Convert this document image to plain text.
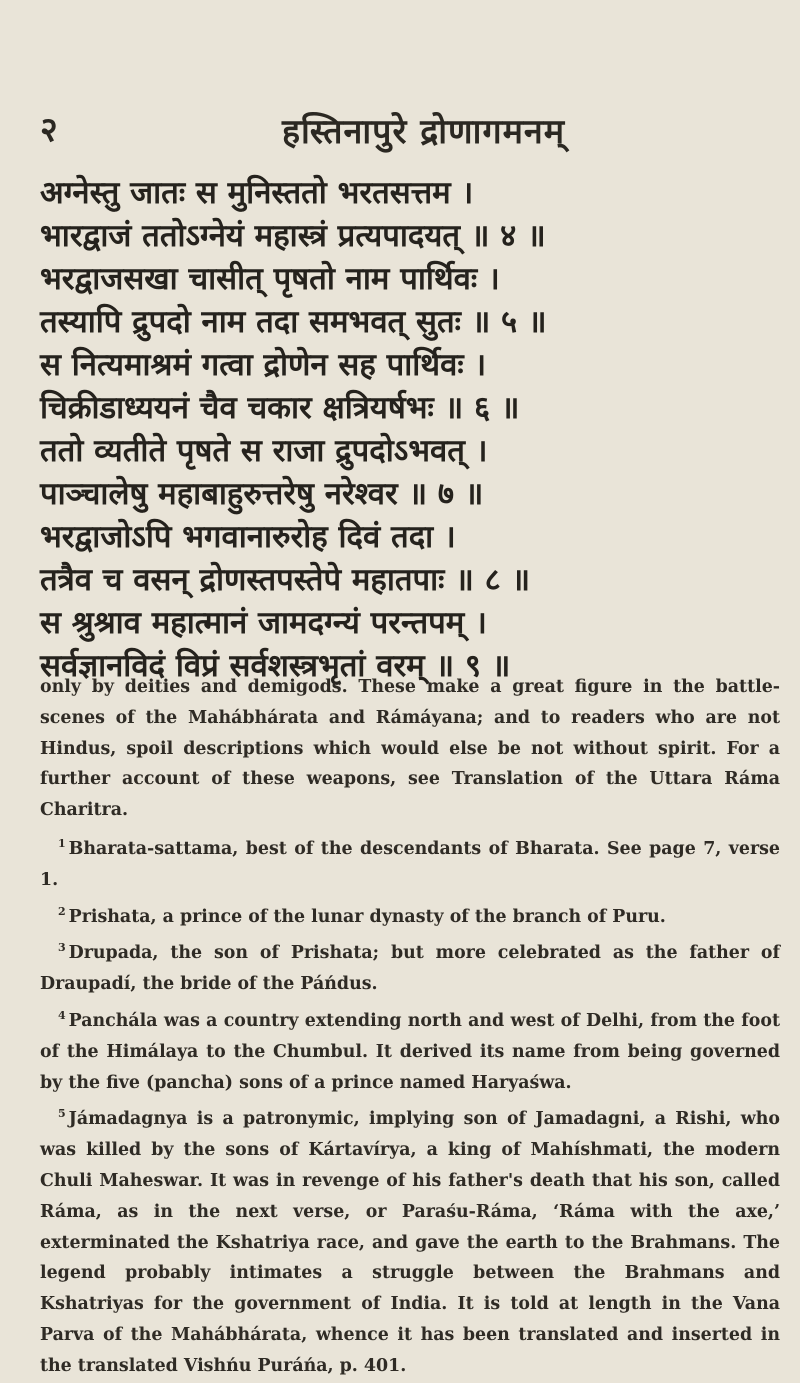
२	हस्तिनापुरे द्रोणागमनम्
अग्नेस्तु जातः स मुनिस्ततो भरतसत्तम ।
भारद्वाजं ततोऽग्नेयं महास्त्रं प्रत्यपादयत् ॥ ४ ॥
भरद्वाजसखा चासीत् पृषतो नाम पार्थिवः ।
तस्यापि द्रुपदो नाम तदा समभवत् सुतः ॥ ५ ॥
स नित्यमाश्रमं गत्वा द्रोणेन सह पार्थिवः ।
चिक्रीडाध्ययनं चैव चकार क्षत्रियर्षभः ॥ ६ ॥
ततो व्यतीते पृषते स राजा द्रुपदोऽभवत् ।
पाञ्चालेषु महाबाहुरुत्तरेषु नरेश्वर ॥ ७ ॥
भरद्वाजोऽपि भगवानारुरोह दिवं तदा ।
तत्रैव च वसन् द्रोणस्तपस्तेपे महातपाः ॥ ८ ॥
स श्रुश्राव महात्मानं जामदग्न्यं परन्तपम् ।
सर्वज्ञानविदं विप्रं सर्वशस्त्रभृतां वरम् ॥ ९ ॥

only by deities and demigods. These make a great figure in the battle-scenes of the Mahábhárata and Rámáyana; and to readers who are not Hindus, spoil descriptions which would else be not without spirit. For a further account of these weapons, see Translation of the Uttara Ráma Charitra.

$^1$ Bharata-sattama, best of the descendants of Bharata. See page 7, verse 1.

$^2$ Prishata, a prince of the lunar dynasty of the branch of Puru.

$^3$ Drupada, the son of Prishata; but more celebrated as the father of Draupadí, the bride of the Páńdus.

$^4$ Panchála was a country extending north and west of Delhi, from the foot of the Himálaya to the Chumbul. It derived its name from being governed by the five (pancha) sons of a prince named Haryaśwa.

$^5$ Jámadagnya is a patronymic, implying son of Jamadagni, a Rishi, who was killed by the sons of Kártavírya, a king of Mahíshmati, the modern Chuli Maheswar. It was in revenge of his father's death that his son, called Ráma, as in the next verse, or Paraśu-Ráma, ‘Ráma with the axe,’ exterminated the Kshatriya race, and gave the earth to the Brahmans. The legend probably intimates a struggle between the Brahmans and Kshatriyas for the government of India. It is told at length in the Vana Parva of the Mahábhárata, whence it has been translated and inserted in the translated Vishńu Puráńa, p. 401.
